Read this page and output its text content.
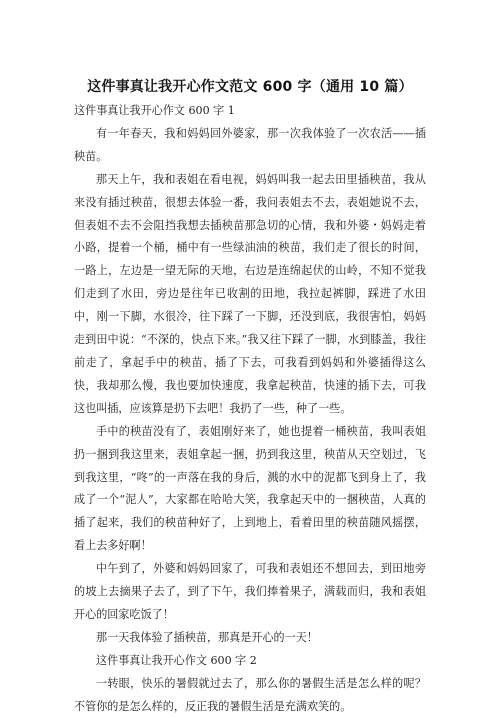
这件事真让我开心作文范文 600 字（通用 10 篇）

这件事真让我开心作文 600 字 1

有一年春天，我和妈妈回外婆家，那一次我体验了一次农活——插秧苗。

那天上午，我和表姐在看电视，妈妈叫我一起去田里插秧苗，我从来没有插过秧苗，很想去体验一番，我问表姐去不去，表姐她说不去，但表姐不去不会阻挡我想去插秧苗那急切的心情，我和外婆・妈妈走着小路，提着一个桶，桶中有一些绿油油的秧苗，我们走了很长的时间，一路上，左边是一望无际的天地，右边是连绵起伏的山岭，不知不觉我们走到了水田，旁边是往年已收割的田地，我拉起裤脚，踩进了水田中，刚一下脚，水很冷，往下踩了一下脚，还没到底，我很害怕，妈妈走到田中说：“不深的，快点下来。”我又往下踩了一脚，水到膝盖，我往前走了，拿起手中的秧苗，插了下去，可我看到妈妈和外婆插得这么快，我却那么慢，我也要加快速度，我拿起秧苗，快速的插下去，可我这也叫插，应该算是扔下去吧！我扔了一些，种了一些。

手中的秧苗没有了，表姐刚好来了，她也提着一桶秧苗，我叫表姐扔一捆到我这里来，表姐拿起一捆，扔到我这里，秧苗从天空划过，飞到我这里，“咚”的一声落在我的身后，溅的水中的泥都飞到身上了，我成了一个“泥人”，大家都在哈哈大笑，我拿起天中的一捆秧苗，人真的插了起来，我们的秧苗种好了，上到地上，看着田里的秧苗随风摇摆，看上去多好啊！

中午到了，外婆和妈妈回家了，可我和表姐还不想回去，到田地旁的坡上去摘果子去了，到了下午，我们捧着果子，满载而归，我和表姐开心的回家吃饭了！

那一天我体验了插秧苗，那真是开心的一天！

这件事真让我开心作文 600 字 2

一转眼，快乐的暑假就过去了，那么你的暑假生活是怎么样的呢？不管你的是怎么样的，反正我的暑假生活是充满欢笑的。
